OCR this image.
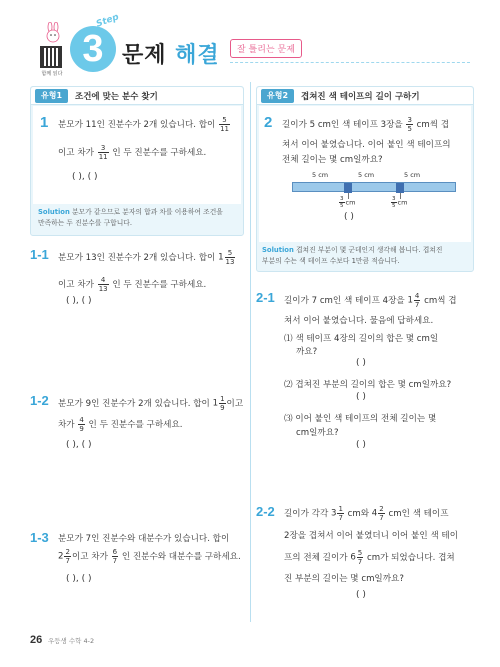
함께 읽다
3
Step
문제 해결	잘 틀리는 문제
유형1	조건에 맞는 분수 찾기
1 분모가 11인 진분수가 2개 있습니다. 합이 $\frac{5}{11}$
이고 차가 $\frac{3}{11}$ 인 두 진분수를 구하세요.
( ), ( )
Solution 분모가 같으므로 분자의 합과 차를 이용하여 조건을
만족하는 두 진분수를 구합니다.
1-1 분모가 13인 진분수가 2개 있습니다. 합이 $1 \frac{5}{13}$
이고 차가 $\frac{4}{13}$ 인 두 진분수를 구하세요.
( ), ( )
1-2 분모가 9인 진분수가 2개 있습니다. 합이 $1 \frac{1}{9}$ 이고
차가 $\frac{4}{9}$ 인 두 진분수를 구하세요.
( ), ( )
1-3 분모가 7인 진분수와 대분수가 있습니다. 합이
$2 \frac{2}{7}$ 이고 차가 $\frac{6}{7}$ 인 진분수와 대분수를 구하세요.
( ), ( )
유형2	겹쳐진 색 테이프의 길이 구하기
2 길이가 5 cm인 색 테이프 3장을 $\frac{3}{5}$ cm씩 겹
쳐서 이어 붙였습니다. 이어 붙인 색 테이프의
전체 길이는 몇 cm일까요?
5 cm	5 cm	5 cm
$\frac{3}{5}$ cm	$\frac{3}{5}$ cm
( )
Solution 겹쳐진 부분이 몇 군데인지 생각해 봅니다. 겹쳐진
부분의 수는 색 테이프 수보다 1만큼 적습니다.
2-1 길이가 7 cm인 색 테이프 4장을 $1 \frac{4}{7}$ cm씩 겹
쳐서 이어 붙였습니다. 물음에 답하세요.
⑴ 색 테이프 4장의 길이의 합은 몇 cm일
까요?
( )
⑵ 겹쳐진 부분의 길이의 합은 몇 cm일까요?
( )
⑶ 이어 붙인 색 테이프의 전체 길이는 몇
cm일까요?
( )
2-2 길이가 각각 $3 \frac{1}{7}$ cm와 $4 \frac{2}{7}$ cm인 색 테이프
2장을 겹쳐서 이어 붙였더니 이어 붙인 색 테이
프의 전체 길이가 $6 \frac{5}{7}$ cm가 되었습니다. 겹쳐
진 부분의 길이는 몇 cm일까요?
( )
26 우등생 수학 4-2
